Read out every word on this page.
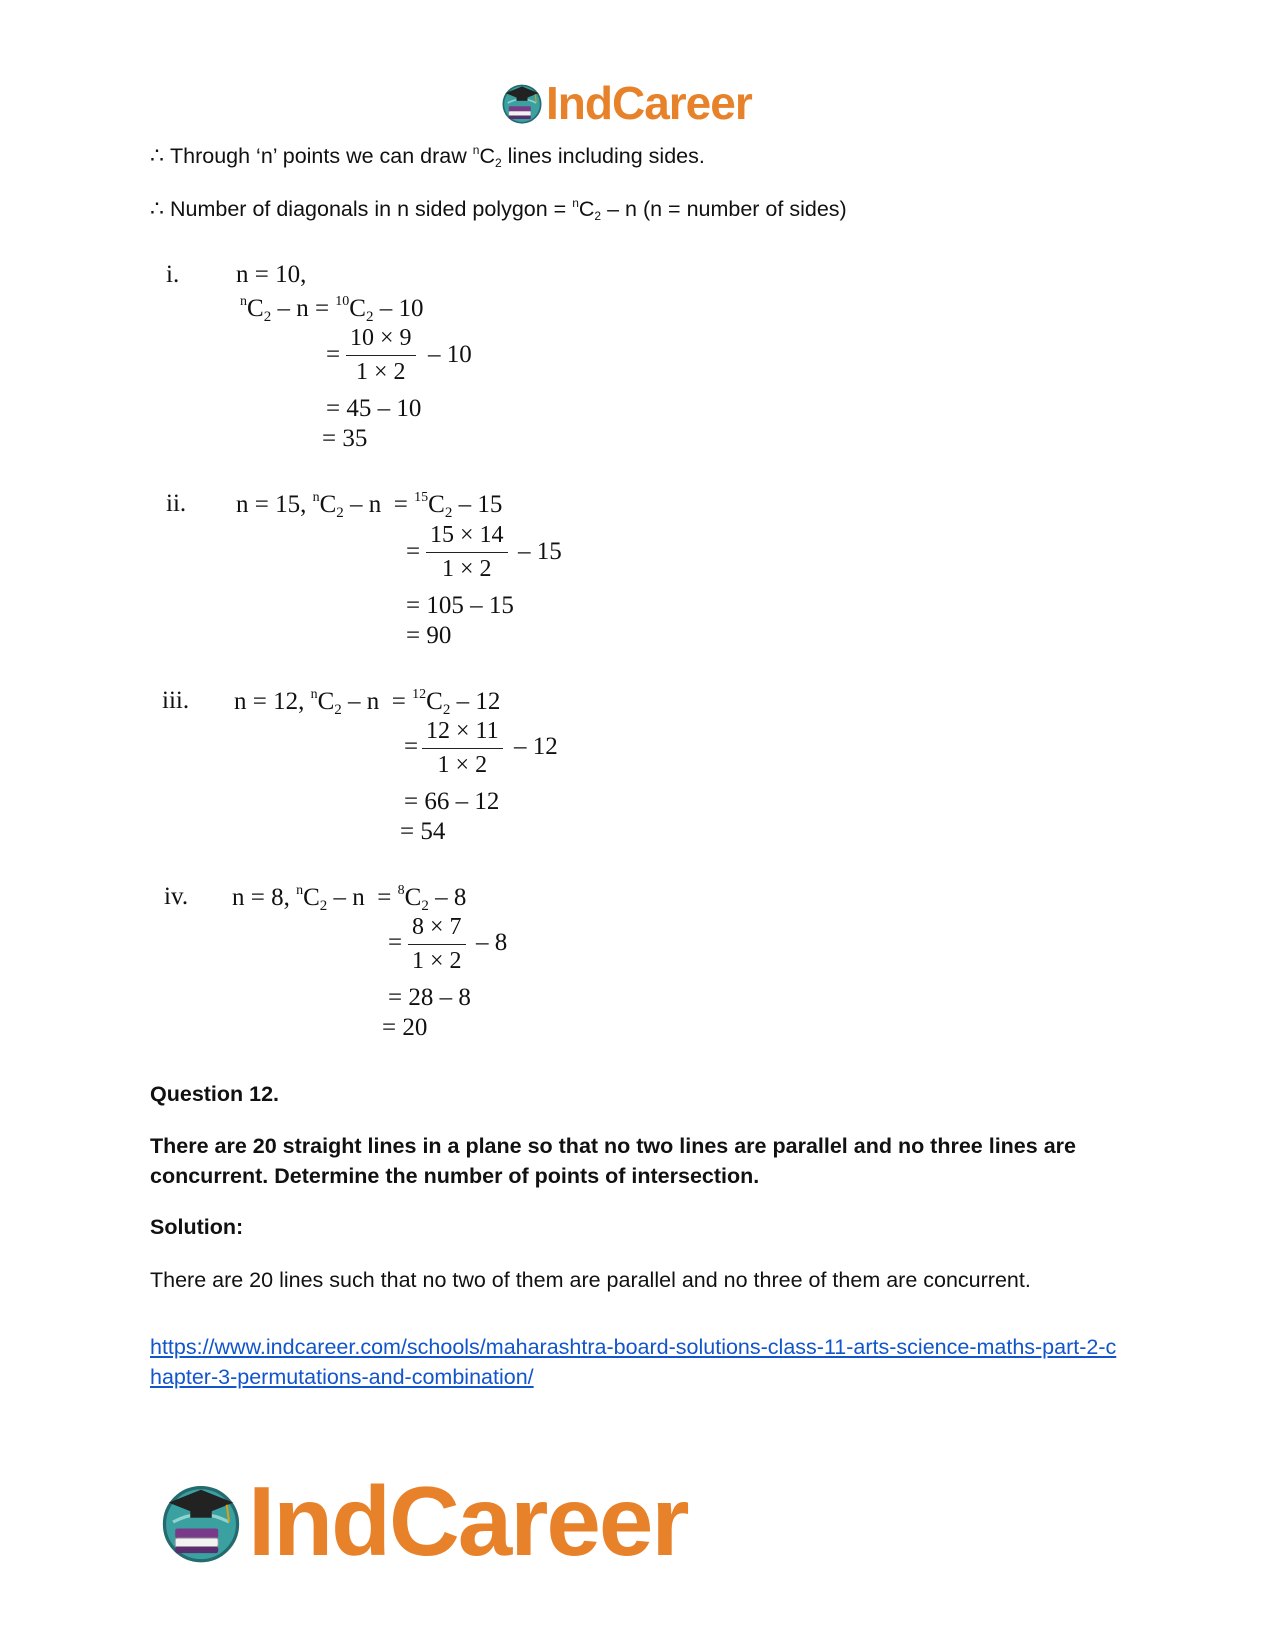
IndCareer
∴ Through ‘n’ points we can draw $^nC_2$ lines including sides.
∴ Number of diagonals in n sided polygon = $^nC_2$ – n (n = number of sides)
i. n = 10,
$^nC_2 - n = ^{10}C_2 - 10$
= $\frac{10 \times 9}{1 \times 2} - 10$
= 45 – 10
= 35
ii. n = 15, $^nC_2 - n = ^{15}C_2 - 15$
= $\frac{15 \times 14}{1 \times 2} - 15$
= 105 – 15
= 90
iii. n = 12, $^nC_2 - n = ^{12}C_2 - 12$
= $\frac{12 \times 11}{1 \times 2} - 12$
= 66 – 12
= 54
iv. n = 8, $^nC_2 - n = ^8C_2 - 8$
= $\frac{8 \times 7}{1 \times 2} - 8$
= 28 – 8
= 20
Question 12.
There are 20 straight lines in a plane so that no two lines are parallel and no three lines are concurrent. Determine the number of points of intersection.
Solution:
There are 20 lines such that no two of them are parallel and no three of them are concurrent.
https://www.indcareer.com/schools/maharashtra-board-solutions-class-11-arts-science-maths-part-2-chapter-3-permutations-and-combination/
IndCareer
